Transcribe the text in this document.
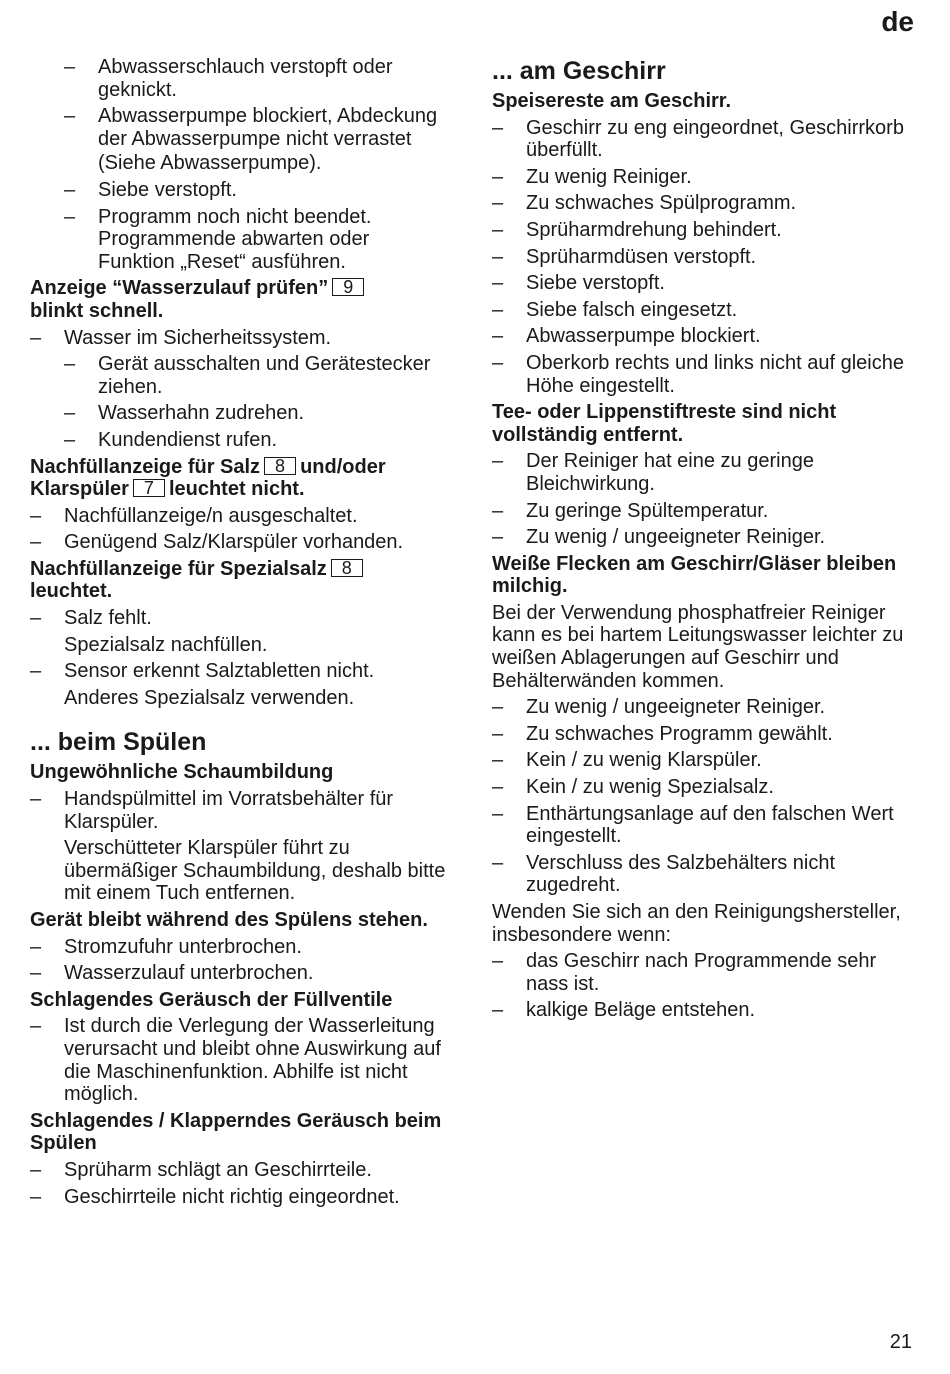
de
– Abwasserschlauch verstopft oder geknickt.
– Abwasserpumpe blockiert, Abdeckung der Abwasserpumpe nicht verrastet
(Siehe Abwasserpumpe).
– Siebe verstopft.
– Programm noch nicht beendet. Programmende abwarten oder Funktion „Reset“ ausführen.
Anzeige “Wasserzulauf prüfen” 9
blinkt schnell.
– Wasser im Sicherheitssystem.
– Gerät ausschalten und Gerätestecker ziehen.
– Wasserhahn zudrehen.
– Kundendienst rufen.
Nachfüllanzeige für Salz 8 und/oder
Klarspüler 7 leuchtet nicht.
– Nachfüllanzeige/n ausgeschaltet.
– Genügend Salz/Klarspüler vorhanden.
Nachfüllanzeige für Spezialsalz 8
leuchtet.
– Salz fehlt.
Spezialsalz nachfüllen.
– Sensor erkennt Salztabletten nicht.
Anderes Spezialsalz verwenden.
... beim Spülen
Ungewöhnliche Schaumbildung
– Handspülmittel im Vorratsbehälter für Klarspüler.
Verschütteter Klarspüler führt zu übermäßiger Schaumbildung, deshalb bitte mit einem Tuch entfernen.
Gerät bleibt während des Spülens stehen.
– Stromzufuhr unterbrochen.
– Wasserzulauf unterbrochen.
Schlagendes Geräusch der Füllventile
– Ist durch die Verlegung der Wasserleitung verursacht und bleibt ohne Auswirkung auf die Maschinenfunktion. Abhilfe ist nicht möglich.
Schlagendes / Klapperndes Geräusch beim Spülen
– Sprüharm schlägt an Geschirrteile.
– Geschirrteile nicht richtig eingeordnet.
... am Geschirr
Speisereste am Geschirr.
– Geschirr zu eng eingeordnet, Geschirrkorb überfüllt.
– Zu wenig Reiniger.
– Zu schwaches Spülprogramm.
– Sprüharmdrehung behindert.
– Sprüharmdüsen verstopft.
– Siebe verstopft.
– Siebe falsch eingesetzt.
– Abwasserpumpe blockiert.
– Oberkorb rechts und links nicht auf gleiche Höhe eingestellt.
Tee- oder Lippenstiftreste sind nicht vollständig entfernt.
– Der Reiniger hat eine zu geringe Bleichwirkung.
– Zu geringe Spültemperatur.
– Zu wenig / ungeeigneter Reiniger.
Weiße Flecken am Geschirr/Gläser bleiben milchig.
Bei der Verwendung phosphatfreier Reiniger kann es bei hartem Leitungswasser leichter zu weißen Ablagerungen auf Geschirr und Behälterwänden kommen.
– Zu wenig / ungeeigneter Reiniger.
– Zu schwaches Programm gewählt.
– Kein / zu wenig Klarspüler.
– Kein / zu wenig Spezialsalz.
– Enthärtungsanlage auf den falschen Wert eingestellt.
– Verschluss des Salzbehälters nicht zugedreht.
Wenden Sie sich an den Reinigungshersteller, insbesondere wenn:
– das Geschirr nach Programmende sehr nass ist.
– kalkige Beläge entstehen.
21
